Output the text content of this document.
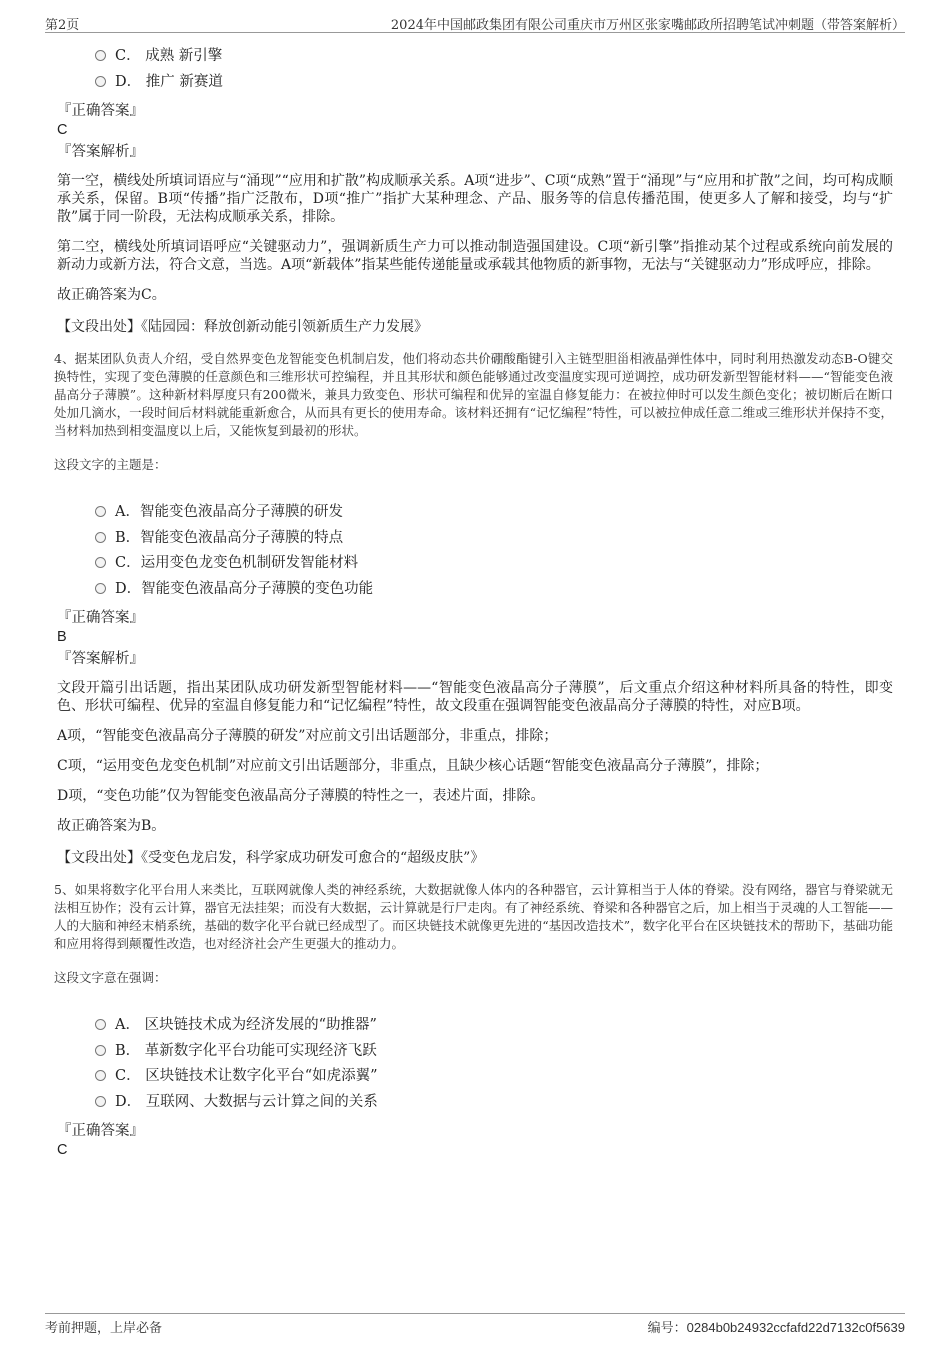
第2页	2024年中国邮政集团有限公司重庆市万州区张家嘴邮政所招聘笔试冲刺题（带答案解析）
C． 成熟 新引擎
D． 推广 新赛道
『正确答案』
C
『答案解析』
第一空，横线处所填词语应与“涌现”“应用和扩散”构成顺承关系。A项“进步”、C项“成熟”置于“涌现”与“应用和扩散”之间，均可构成顺承关系，保留。B项“传播”指广泛散布，D项“推广”指扩大某种理念、产品、服务等的信息传播范围，使更多人了解和接受，均与“扩散”属于同一阶段，无法构成顺承关系，排除。
第二空，横线处所填词语呼应“关键驱动力”，强调新质生产力可以推动制造强国建设。C项“新引擎”指推动某个过程或系统向前发展的新动力或新方法，符合文意，当选。A项“新载体”指某些能传递能量或承载其他物质的新事物，无法与“关键驱动力”形成呼应，排除。
故正确答案为C。
【文段出处】《陆园园：释放创新动能引领新质生产力发展》
4、据某团队负责人介绍，受自然界变色龙智能变色机制启发，他们将动态共价硼酸酯键引入主链型胆甾相液晶弹性体中，同时利用热激发动态B-O键交换特性，实现了变色薄膜的任意颜色和三维形状可控编程，并且其形状和颜色能够通过改变温度实现可逆调控，成功研发新型智能材料——“智能变色液晶高分子薄膜”。这种新材料厚度只有200微米，兼具力致变色、形状可编程和优异的室温自修复能力：在被拉伸时可以发生颜色变化；被切断后在断口处加几滴水，一段时间后材料就能重新愈合，从而具有更长的使用寿命。该材料还拥有“记忆编程”特性，可以被拉伸成任意二维或三维形状并保持不变，当材料加热到相变温度以上后，又能恢复到最初的形状。
这段文字的主题是：
A．智能变色液晶高分子薄膜的研发
B．智能变色液晶高分子薄膜的特点
C．运用变色龙变色机制研发智能材料
D．智能变色液晶高分子薄膜的变色功能
『正确答案』
B
『答案解析』
文段开篇引出话题，指出某团队成功研发新型智能材料——“智能变色液晶高分子薄膜”，后文重点介绍这种材料所具备的特性，即变色、形状可编程、优异的室温自修复能力和“记忆编程”特性，故文段重在强调智能变色液晶高分子薄膜的特性，对应B项。
A项，“智能变色液晶高分子薄膜的研发”对应前文引出话题部分，非重点，排除；
C项，“运用变色龙变色机制”对应前文引出话题部分，非重点，且缺少核心话题“智能变色液晶高分子薄膜”，排除；
D项，“变色功能”仅为智能变色液晶高分子薄膜的特性之一，表述片面，排除。
故正确答案为B。
【文段出处】《受变色龙启发，科学家成功研发可愈合的“超级皮肤”》
5、如果将数字化平台用人来类比，互联网就像人类的神经系统，大数据就像人体内的各种器官，云计算相当于人体的脊梁。没有网络，器官与脊梁就无法相互协作；没有云计算，器官无法挂架；而没有大数据，云计算就是行尸走肉。有了神经系统、脊梁和各种器官之后，加上相当于灵魂的人工智能——人的大脑和神经末梢系统，基础的数字化平台就已经成型了。而区块链技术就像更先进的“基因改造技术”，数字化平台在区块链技术的帮助下，基础功能和应用将得到颠覆性改造，也对经济社会产生更强大的推动力。
这段文字意在强调：
A． 区块链技术成为经济发展的“助推器”
B． 革新数字化平台功能可实现经济飞跃
C． 区块链技术让数字化平台“如虎添翼”
D． 互联网、大数据与云计算之间的关系
『正确答案』
C
考前押题，上岸必备	编号：0284b0b24932ccfafd22d7132c0f5639
